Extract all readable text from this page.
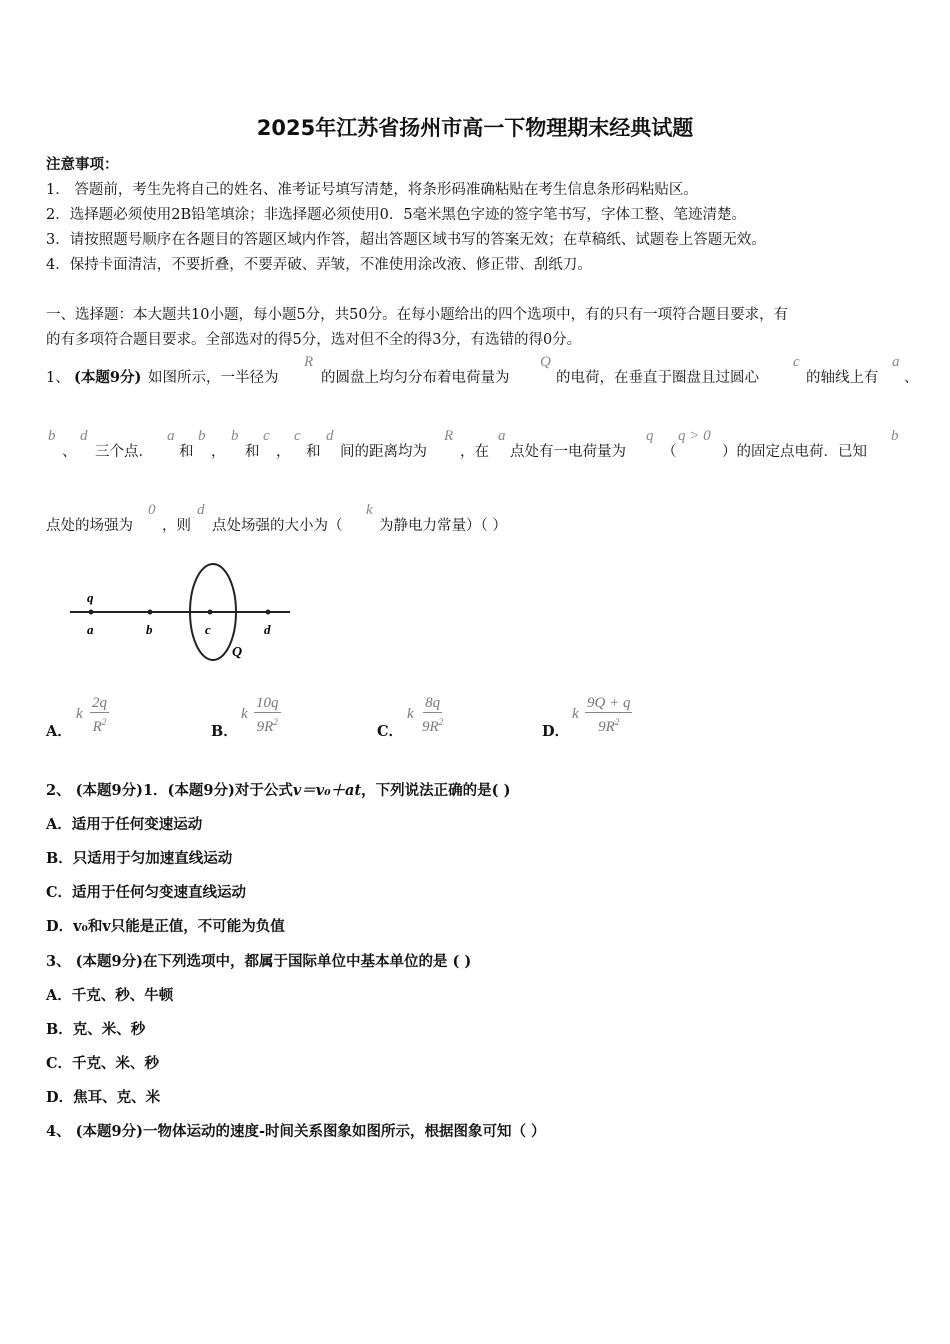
2025年江苏省扬州市高一下物理期末经典试题
注意事项：
1． 答题前，考生先将自己的姓名、准考证号填写清楚，将条形码准确粘贴在考生信息条形码粘贴区。
2．选择题必须使用2B铅笔填涂；非选择题必须使用0．5毫米黑色字迹的签字笔书写，字体工整、笔迹清楚。
3．请按照题号顺序在各题目的答题区域内作答，超出答题区域书写的答案无效；在草稿纸、试题卷上答题无效。
4．保持卡面清洁，不要折叠，不要弄破、弄皱，不准使用涂改液、修正带、刮纸刀。
一、选择题：本大题共10小题，每小题5分，共50分。在每小题给出的四个选项中，有的只有一项符合题目要求，有
的有多项符合题目要求。全部选对的得5分，选对但不全的得3分，有选错的得0分。
1、 (本题9分) 如图所示，一半径为
R
的圆盘上均匀分布着电荷量为
Q
的电荷，在垂直于圈盘且过圆心
c
的轴线上有
a
、
b
、
d
三个点．
a
和
b
，
b
和
c
，
c
和
d
间的距离均为
R
，在
a
点处有一电荷量为
q
（
q > 0
）的固定点电荷．已知
b
点处的场强为
0
，则
d
点处场强的大小为（
k
为静电力常量）（ ）
q
a	b	c	d
Q
A．
k $\frac{2q}{R^2}$	B．
k $\frac{10q}{9R^2}$	C．
k $\frac{8q}{9R^2}$	D．
k $\frac{9Q + q}{9R^2}$
2、 (本题9分)1．(本题9分)对于公式v＝v₀＋at，下列说法正确的是( )
A．适用于任何变速运动
B．只适用于匀加速直线运动
C．适用于任何匀变速直线运动
D．v₀和v只能是正值，不可能为负值
3、 (本题9分)在下列选项中，都属于国际单位中基本单位的是 ( )
A．千克、秒、牛顿
B．克、米、秒
C．千克、米、秒
D．焦耳、克、米
4、 (本题9分)一物体运动的速度-时间关系图象如图所示，根据图象可知（ ）
